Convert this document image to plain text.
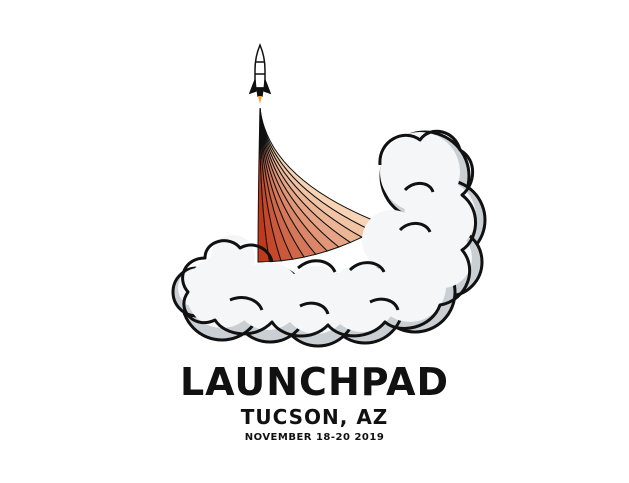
LAUNCHPAD
TUCSON, AZ
NOVEMBER 18-20 2019
